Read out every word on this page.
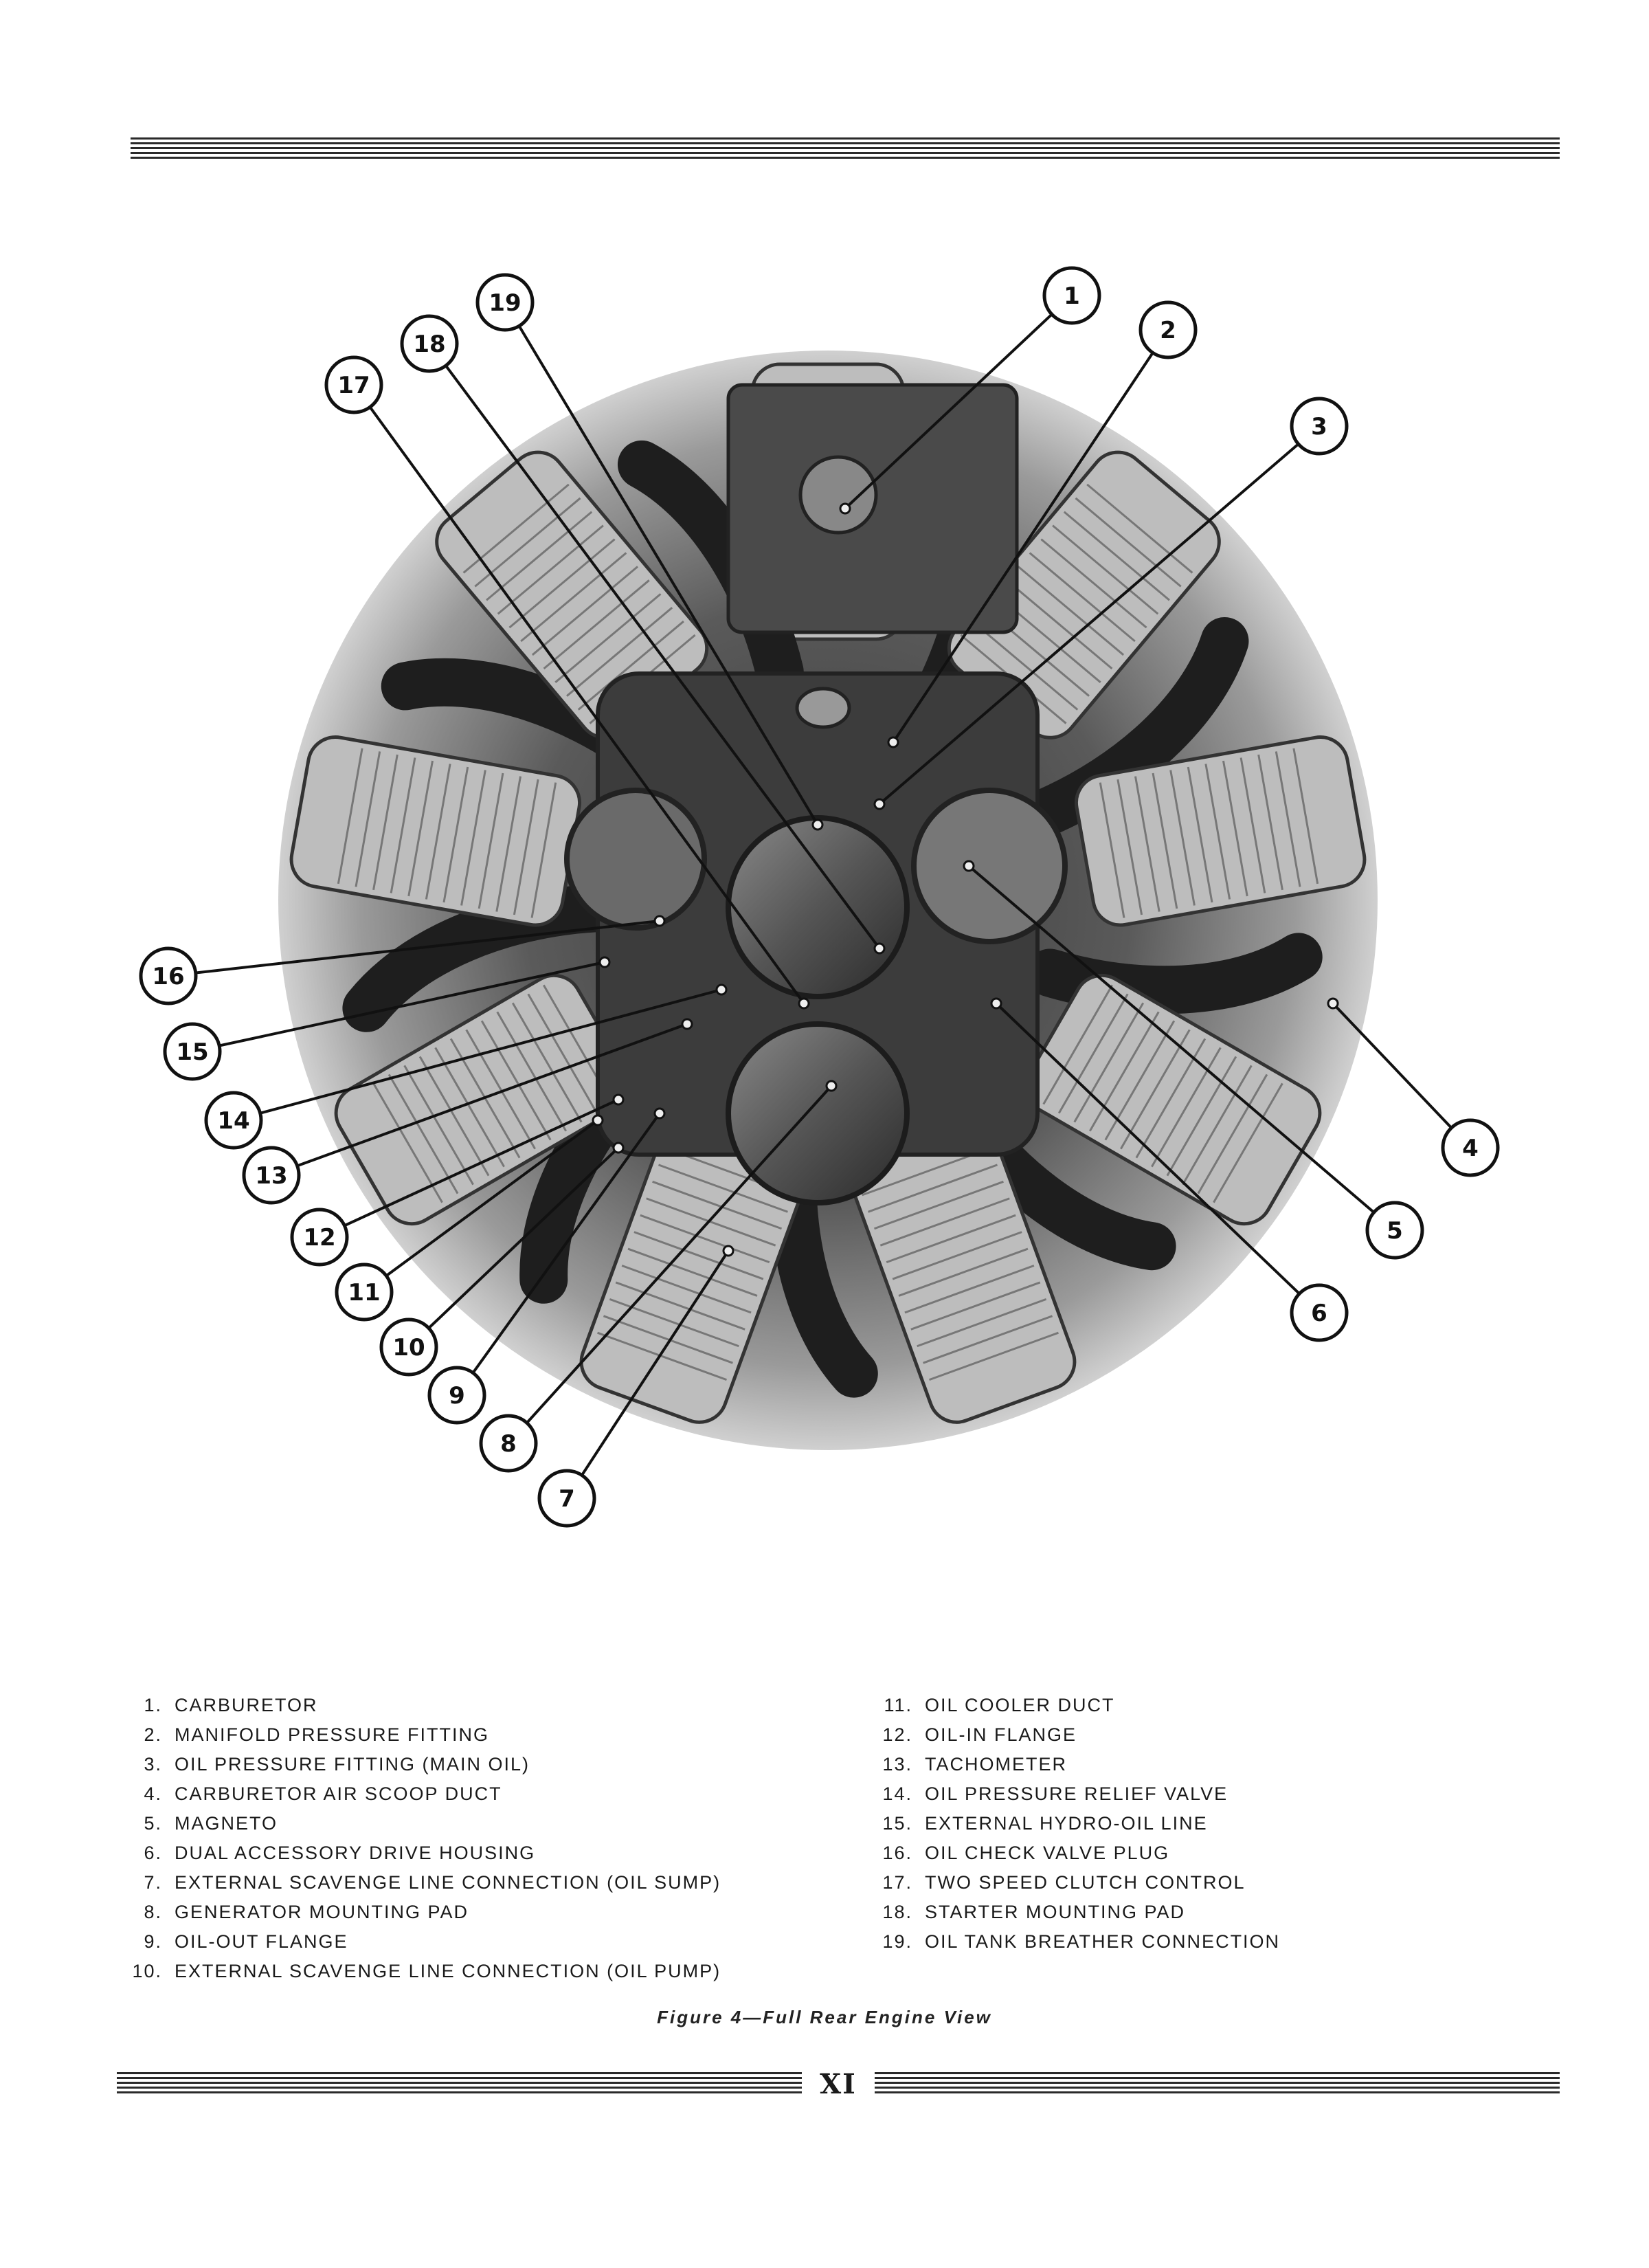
1
2
3
4
5
6
7
8
9
10
11
12
13
14
15
16
17
18
19
1. CARBURETOR
2. MANIFOLD PRESSURE FITTING
3. OIL PRESSURE FITTING (MAIN OIL)
4. CARBURETOR AIR SCOOP DUCT
5. MAGNETO
6. DUAL ACCESSORY DRIVE HOUSING
7. EXTERNAL SCAVENGE LINE CONNECTION (OIL SUMP)
8. GENERATOR MOUNTING PAD
9. OIL-OUT FLANGE
10. EXTERNAL SCAVENGE LINE CONNECTION (OIL PUMP)
11. OIL COOLER DUCT
12. OIL-IN FLANGE
13. TACHOMETER
14. OIL PRESSURE RELIEF VALVE
15. EXTERNAL HYDRO-OIL LINE
16. OIL CHECK VALVE PLUG
17. TWO SPEED CLUTCH CONTROL
18. STARTER MOUNTING PAD
19. OIL TANK BREATHER CONNECTION
Figure 4—Full Rear Engine View
XI
